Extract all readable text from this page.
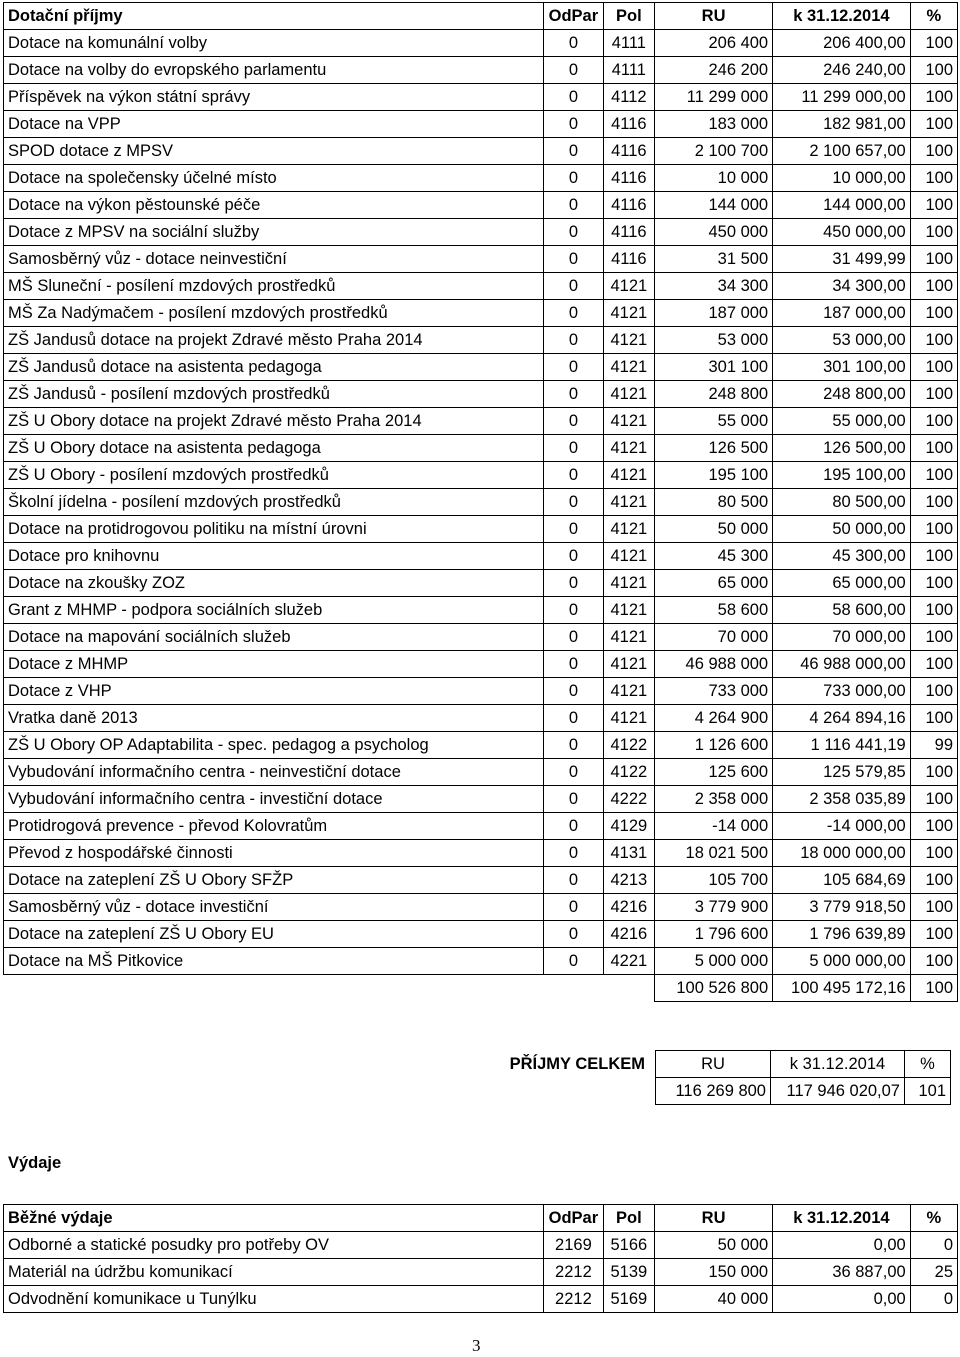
Dotační příjmy	OdPar	Pol	RU	k 31.12.2014	%
Dotace na komunální volby	0	4111	206 400	206 400,00	100
Dotace na volby do evropského parlamentu	0	4111	246 200	246 240,00	100
Příspěvek na výkon státní správy	0	4112	11 299 000	11 299 000,00	100
Dotace na VPP	0	4116	183 000	182 981,00	100
SPOD dotace z MPSV	0	4116	2 100 700	2 100 657,00	100
Dotace na společensky účelné místo	0	4116	10 000	10 000,00	100
Dotace na výkon pěstounské péče	0	4116	144 000	144 000,00	100
Dotace z MPSV na sociální služby	0	4116	450 000	450 000,00	100
Samosběrný vůz - dotace neinvestiční	0	4116	31 500	31 499,99	100
MŠ Sluneční - posílení mzdových prostředků	0	4121	34 300	34 300,00	100
MŠ Za Nadýmačem - posílení mzdových prostředků	0	4121	187 000	187 000,00	100
ZŠ Jandusů dotace na projekt Zdravé město Praha 2014	0	4121	53 000	53 000,00	100
ZŠ Jandusů dotace na asistenta pedagoga	0	4121	301 100	301 100,00	100
ZŠ Jandusů - posílení mzdových prostředků	0	4121	248 800	248 800,00	100
ZŠ U Obory dotace na projekt Zdravé město Praha 2014	0	4121	55 000	55 000,00	100
ZŠ U Obory dotace na asistenta pedagoga	0	4121	126 500	126 500,00	100
ZŠ U Obory - posílení mzdových prostředků	0	4121	195 100	195 100,00	100
Školní jídelna - posílení mzdových prostředků	0	4121	80 500	80 500,00	100
Dotace na protidrogovou politiku na místní úrovni	0	4121	50 000	50 000,00	100
Dotace pro knihovnu	0	4121	45 300	45 300,00	100
Dotace na zkoušky ZOZ	0	4121	65 000	65 000,00	100
Grant z MHMP - podpora sociálních služeb	0	4121	58 600	58 600,00	100
Dotace na mapování sociálních služeb	0	4121	70 000	70 000,00	100
Dotace z MHMP	0	4121	46 988 000	46 988 000,00	100
Dotace z VHP	0	4121	733 000	733 000,00	100
Vratka daně 2013	0	4121	4 264 900	4 264 894,16	100
ZŠ U Obory OP Adaptabilita - spec. pedagog a psycholog	0	4122	1 126 600	1 116 441,19	99
Vybudování informačního centra - neinvestiční dotace	0	4122	125 600	125 579,85	100
Vybudování informačního centra - investiční dotace	0	4222	2 358 000	2 358 035,89	100
Protidrogová prevence - převod Kolovratům	0	4129	-14 000	-14 000,00	100
Převod z hospodářské činnosti	0	4131	18 021 500	18 000 000,00	100
Dotace na zateplení ZŠ U Obory SFŽP	0	4213	105 700	105 684,69	100
Samosběrný vůz - dotace investiční	0	4216	3 779 900	3 779 918,50	100
Dotace na zateplení ZŠ U Obory EU	0	4216	1 796 600	1 796 639,89	100
Dotace na MŠ Pitkovice	0	4221	5 000 000	5 000 000,00	100
			100 526 800	100 495 172,16	100
PŘÍJMY CELKEM	RU	k 31.12.2014	%
	116 269 800	117 946 020,07	101
Výdaje
Běžné výdaje	OdPar	Pol	RU	k 31.12.2014	%
Odborné a statické posudky pro potřeby OV	2169	5166	50 000	0,00	0
Materiál na údržbu komunikací	2212	5139	150 000	36 887,00	25
Odvodnění komunikace u Tunýlku	2212	5169	40 000	0,00	0
3
